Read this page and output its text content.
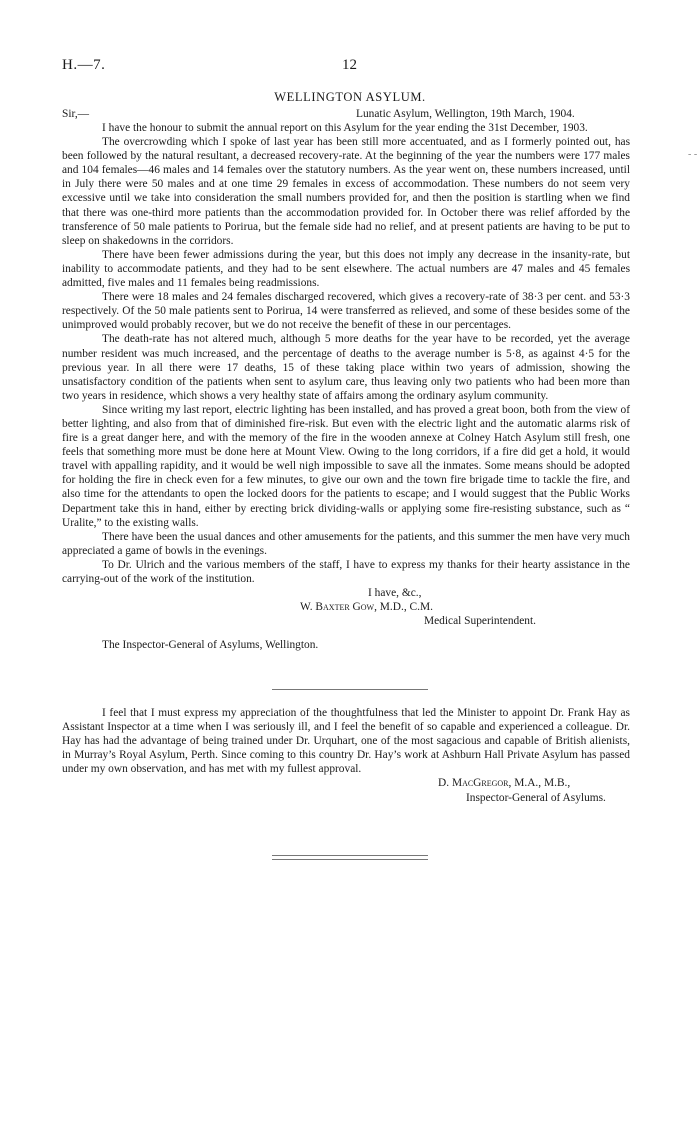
H.—7.	12
WELLINGTON ASYLUM.
- -
Sir,—	Lunatic Asylum, Wellington, 19th March, 1904.

I have the honour to submit the annual report on this Asylum for the year ending the 31st December, 1903.

The overcrowding which I spoke of last year has been still more accentuated, and as I formerly pointed out, has been followed by the natural resultant, a decreased recovery-rate. At the beginning of the year the numbers were 177 males and 104 females—46 males and 14 females over the statutory numbers. As the year went on, these numbers increased, until in July there were 50 males and at one time 29 females in excess of accommodation. These numbers do not seem very excessive until we take into consideration the small numbers provided for, and then the position is startling when we find that there was one-third more patients than the accommodation provided for. In October there was relief afforded by the transference of 50 male patients to Porirua, but the female side had no relief, and at present patients are having to be put to sleep on shakedowns in the corridors.

There have been fewer admissions during the year, but this does not imply any decrease in the insanity-rate, but inability to accommodate patients, and they had to be sent elsewhere. The actual numbers are 47 males and 45 females admitted, five males and 11 females being readmissions.

There were 18 males and 24 females discharged recovered, which gives a recovery-rate of 38·3 per cent. and 53·3 respectively. Of the 50 male patients sent to Porirua, 14 were transferred as relieved, and some of these besides some of the unimproved would probably recover, but we do not receive the benefit of these in our percentages.

The death-rate has not altered much, although 5 more deaths for the year have to be recorded, yet the average number resident was much increased, and the percentage of deaths to the average number is 5·8, as against 4·5 for the previous year. In all there were 17 deaths, 15 of these taking place within two years of admission, showing the unsatisfactory condition of the patients when sent to asylum care, thus leaving only two patients who had been more than two years in residence, which shows a very healthy state of affairs among the ordinary asylum community.

Since writing my last report, electric lighting has been installed, and has proved a great boon, both from the view of better lighting, and also from that of diminished fire-risk. But even with the electric light and the automatic alarms risk of fire is a great danger here, and with the memory of the fire in the wooden annexe at Colney Hatch Asylum still fresh, one feels that something more must be done here at Mount View. Owing to the long corridors, if a fire did get a hold, it would travel with appalling rapidity, and it would be well nigh impossible to save all the inmates. Some means should be adopted for holding the fire in check even for a few minutes, to give our own and the town fire brigade time to tackle the fire, and also time for the attendants to open the locked doors for the patients to escape; and I would suggest that the Public Works Department take this in hand, either by erecting brick dividing-walls or applying some fire-resisting substance, such as “ Uralite,” to the existing walls.

There have been the usual dances and other amusements for the patients, and this summer the men have very much appreciated a game of bowls in the evenings.

To Dr. Ulrich and the various members of the staff, I have to express my thanks for their hearty assistance in the carrying-out of the work of the institution.

I have, &c.,
W. Baxter Gow, M.D., C.M.
Medical Superintendent.
The Inspector-General of Asylums, Wellington.

I feel that I must express my appreciation of the thoughtfulness that led the Minister to appoint Dr. Frank Hay as Assistant Inspector at a time when I was seriously ill, and I feel the benefit of so capable and experienced a colleague. Dr. Hay has had the advantage of being trained under Dr. Urquhart, one of the most sagacious and capable of British alienists, in Murray’s Royal Asylum, Perth. Since coming to this country Dr. Hay’s work at Ashburn Hall Private Asylum has passed under my own observation, and has met with my fullest approval.

D. MacGregor, M.A., M.B.,
Inspector-General of Asylums.
